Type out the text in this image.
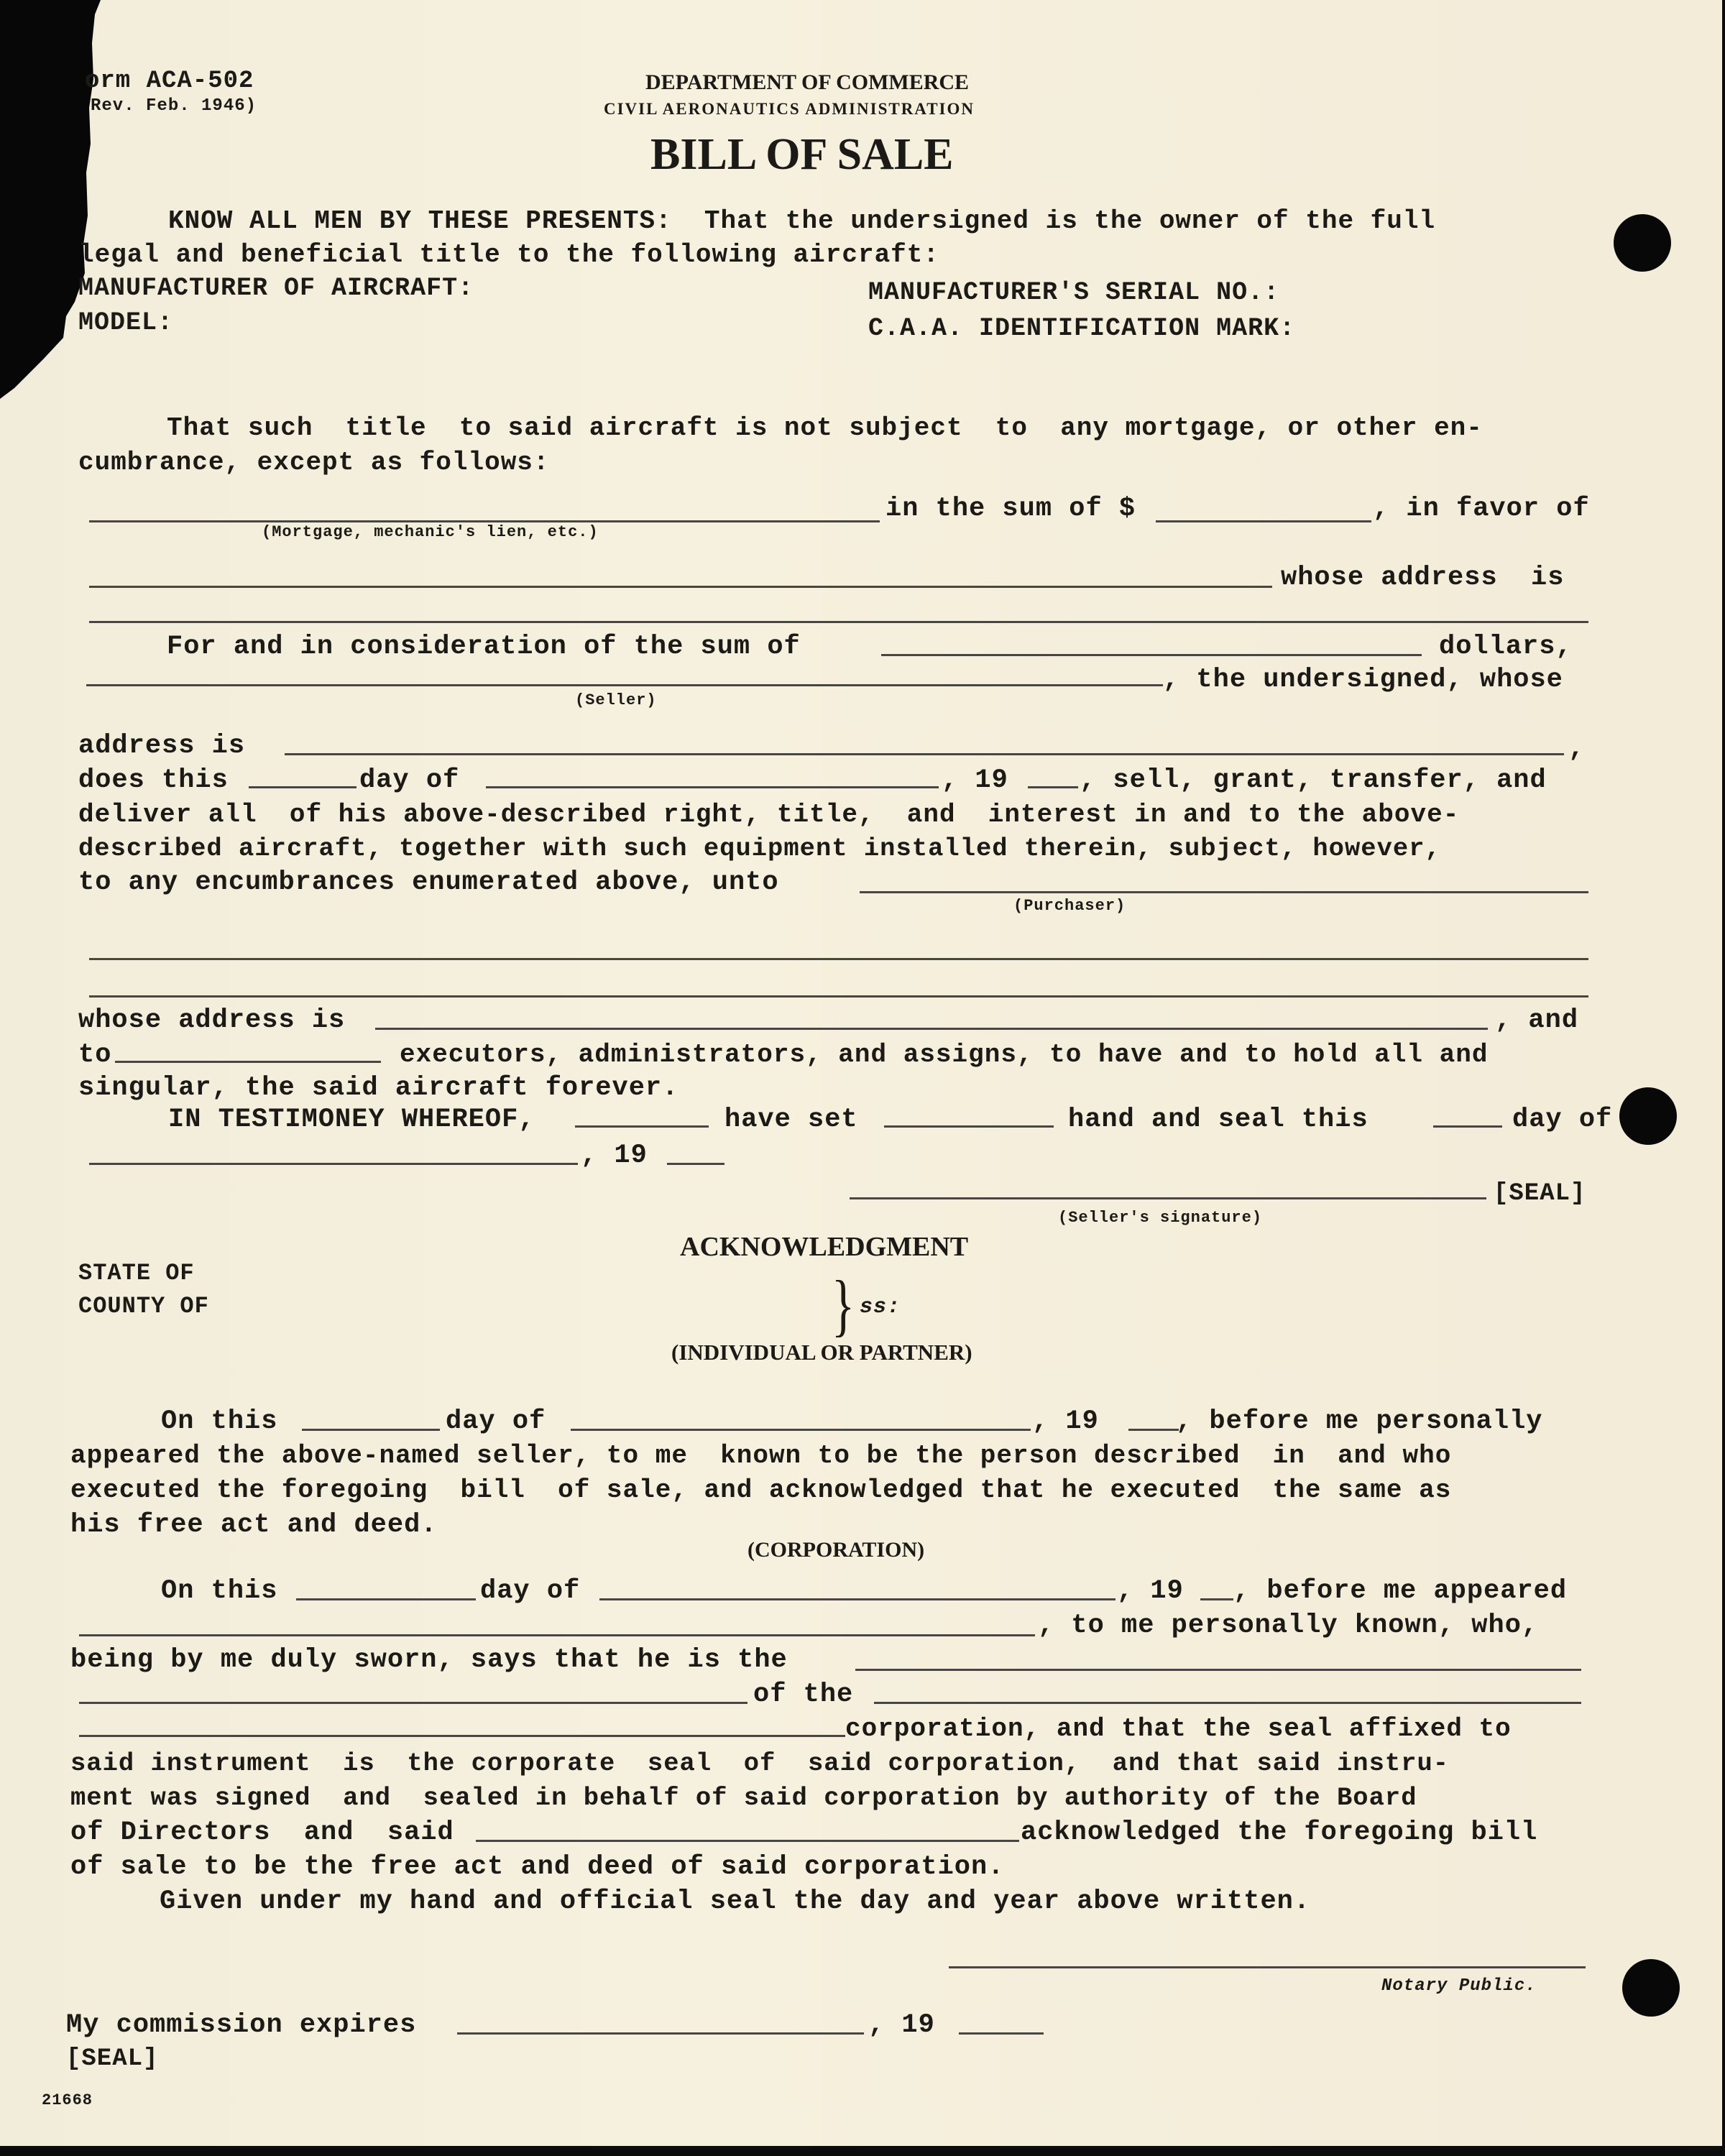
orm ACA-502
Rev. Feb. 1946)
DEPARTMENT OF COMMERCE
CIVIL AERONAUTICS ADMINISTRATION
BILL OF SALE
KNOW ALL MEN BY THESE PRESENTS:  That the undersigned is the owner of the full
legal and beneficial title to the following aircraft:
MANUFACTURER OF AIRCRAFT:	MANUFACTURER'S SERIAL NO.:
MODEL:	C.A.A. IDENTIFICATION MARK:
That such  title  to said aircraft is not subject  to  any mortgage, or other en-
cumbrance, except as follows:
in the sum of $	, in favor of
(Mortgage, mechanic's lien, etc.)
whose address  is
For and in consideration of the sum of	dollars,
, the undersigned, whose
(Seller)
address is	,
does this	day of	, 19	, sell, grant, transfer, and
deliver all  of his above-described right, title,  and  interest in and to the above-
described aircraft, together with such equipment installed therein, subject, however,
to any encumbrances enumerated above, unto
(Purchaser)
whose address is	, and
to	executors, administrators, and assigns, to have and to hold all and
singular, the said aircraft forever.
IN TESTIMONEY WHEREOF,	have set	hand and seal this	day of
, 19
[SEAL]
(Seller's signature)
ACKNOWLEDGMENT
STATE OF
COUNTY OF	} ss:
(INDIVIDUAL OR PARTNER)
On this	day of	, 19	, before me personally
appeared the above-named seller, to me  known to be the person described  in  and who
executed the foregoing  bill  of sale, and acknowledged that he executed  the same as
his free act and deed.
(CORPORATION)
On this	day of	, 19 , before me appeared
, to me personally known, who,
being by me duly sworn, says that he is the
of the
corporation, and that the seal affixed to
said instrument  is  the corporate  seal  of  said corporation,  and that said instru-
ment was signed  and  sealed in behalf of said corporation by authority of the Board
of Directors  and  said	acknowledged the foregoing bill
of sale to be the free act and deed of said corporation.
Given under my hand and official seal the day and year above written.
Notary Public.
My commission expires	, 19
[SEAL]
21668
